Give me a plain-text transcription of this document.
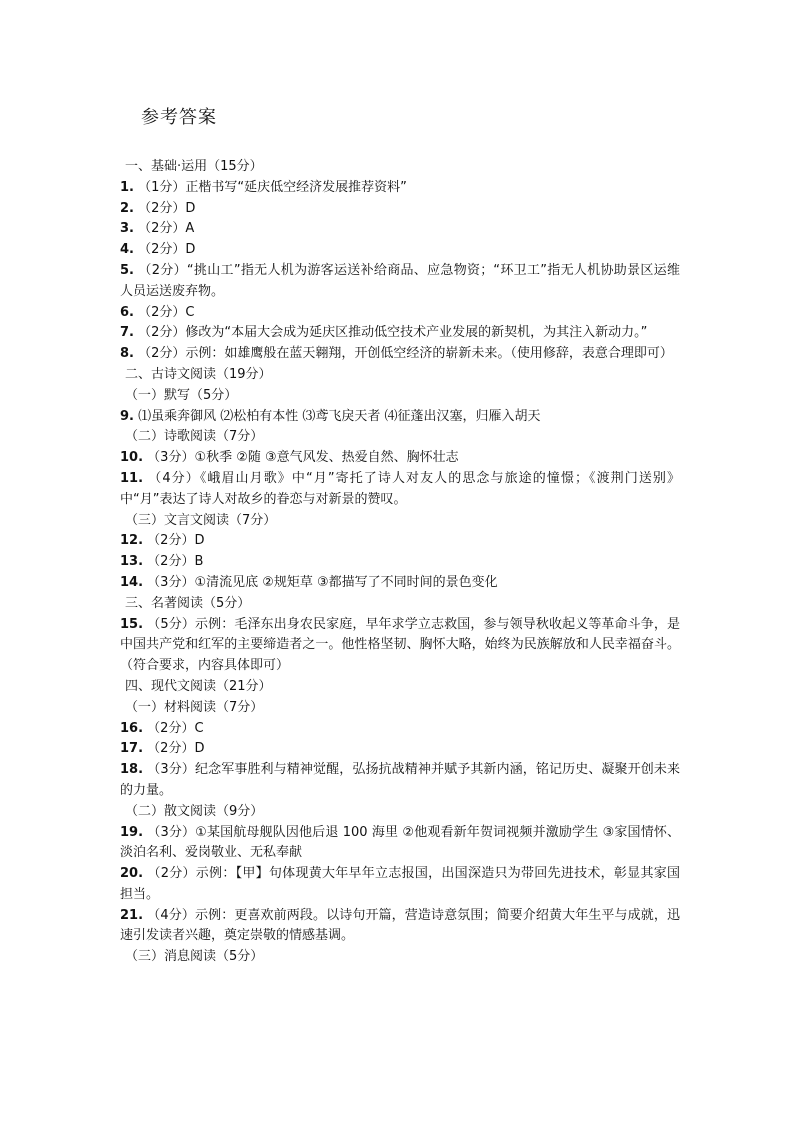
参考答案
一、基础·运用（15分）
1. （1分）正楷书写“延庆低空经济发展推荐资料”
2. （2分）D
3. （2分）A
4. （2分）D
5. （2分）“挑山工”指无人机为游客运送补给商品、应急物资；“环卫工”指无人机协助景区运维人员运送废弃物。
6. （2分）C
7. （2分）修改为“本届大会成为延庆区推动低空技术产业发展的新契机，为其注入新动力。”
8. （2分）示例：如雄鹰般在蓝天翱翔，开创低空经济的崭新未来。（使用修辞，表意合理即可）
二、古诗文阅读（19分）
（一）默写（5分）
9. ⑴虽乘奔御风 ⑵松柏有本性 ⑶鸢飞戾天者 ⑷征蓬出汉塞，归雁入胡天
（二）诗歌阅读（7分）
10. （3分）①秋季 ②随 ③意气风发、热爱自然、胸怀壮志
11. （4分）《峨眉山月歌》中“月”寄托了诗人对友人的思念与旅途的憧憬；《渡荆门送别》中“月”表达了诗人对故乡的眷恋与对新景的赞叹。
（三）文言文阅读（7分）
12. （2分）D
13. （2分）B
14. （3分）①清流见底 ②规矩草 ③都描写了不同时间的景色变化
三、名著阅读（5分）
15. （5分）示例：毛泽东出身农民家庭，早年求学立志救国，参与领导秋收起义等革命斗争，是中国共产党和红军的主要缔造者之一。他性格坚韧、胸怀大略，始终为民族解放和人民幸福奋斗。（符合要求，内容具体即可）
四、现代文阅读（21分）
（一）材料阅读（7分）
16. （2分）C
17. （2分）D
18. （3分）纪念军事胜利与精神觉醒，弘扬抗战精神并赋予其新内涵，铭记历史、凝聚开创未来的力量。
（二）散文阅读（9分）
19. （3分）①某国航母舰队因他后退 100 海里 ②他观看新年贺词视频并激励学生 ③家国情怀、淡泊名利、爱岗敬业、无私奉献
20. （2分）示例：【甲】句体现黄大年早年立志报国，出国深造只为带回先进技术，彰显其家国担当。
21. （4分）示例：更喜欢前两段。以诗句开篇，营造诗意氛围；简要介绍黄大年生平与成就，迅速引发读者兴趣，奠定崇敬的情感基调。
（三）消息阅读（5分）
